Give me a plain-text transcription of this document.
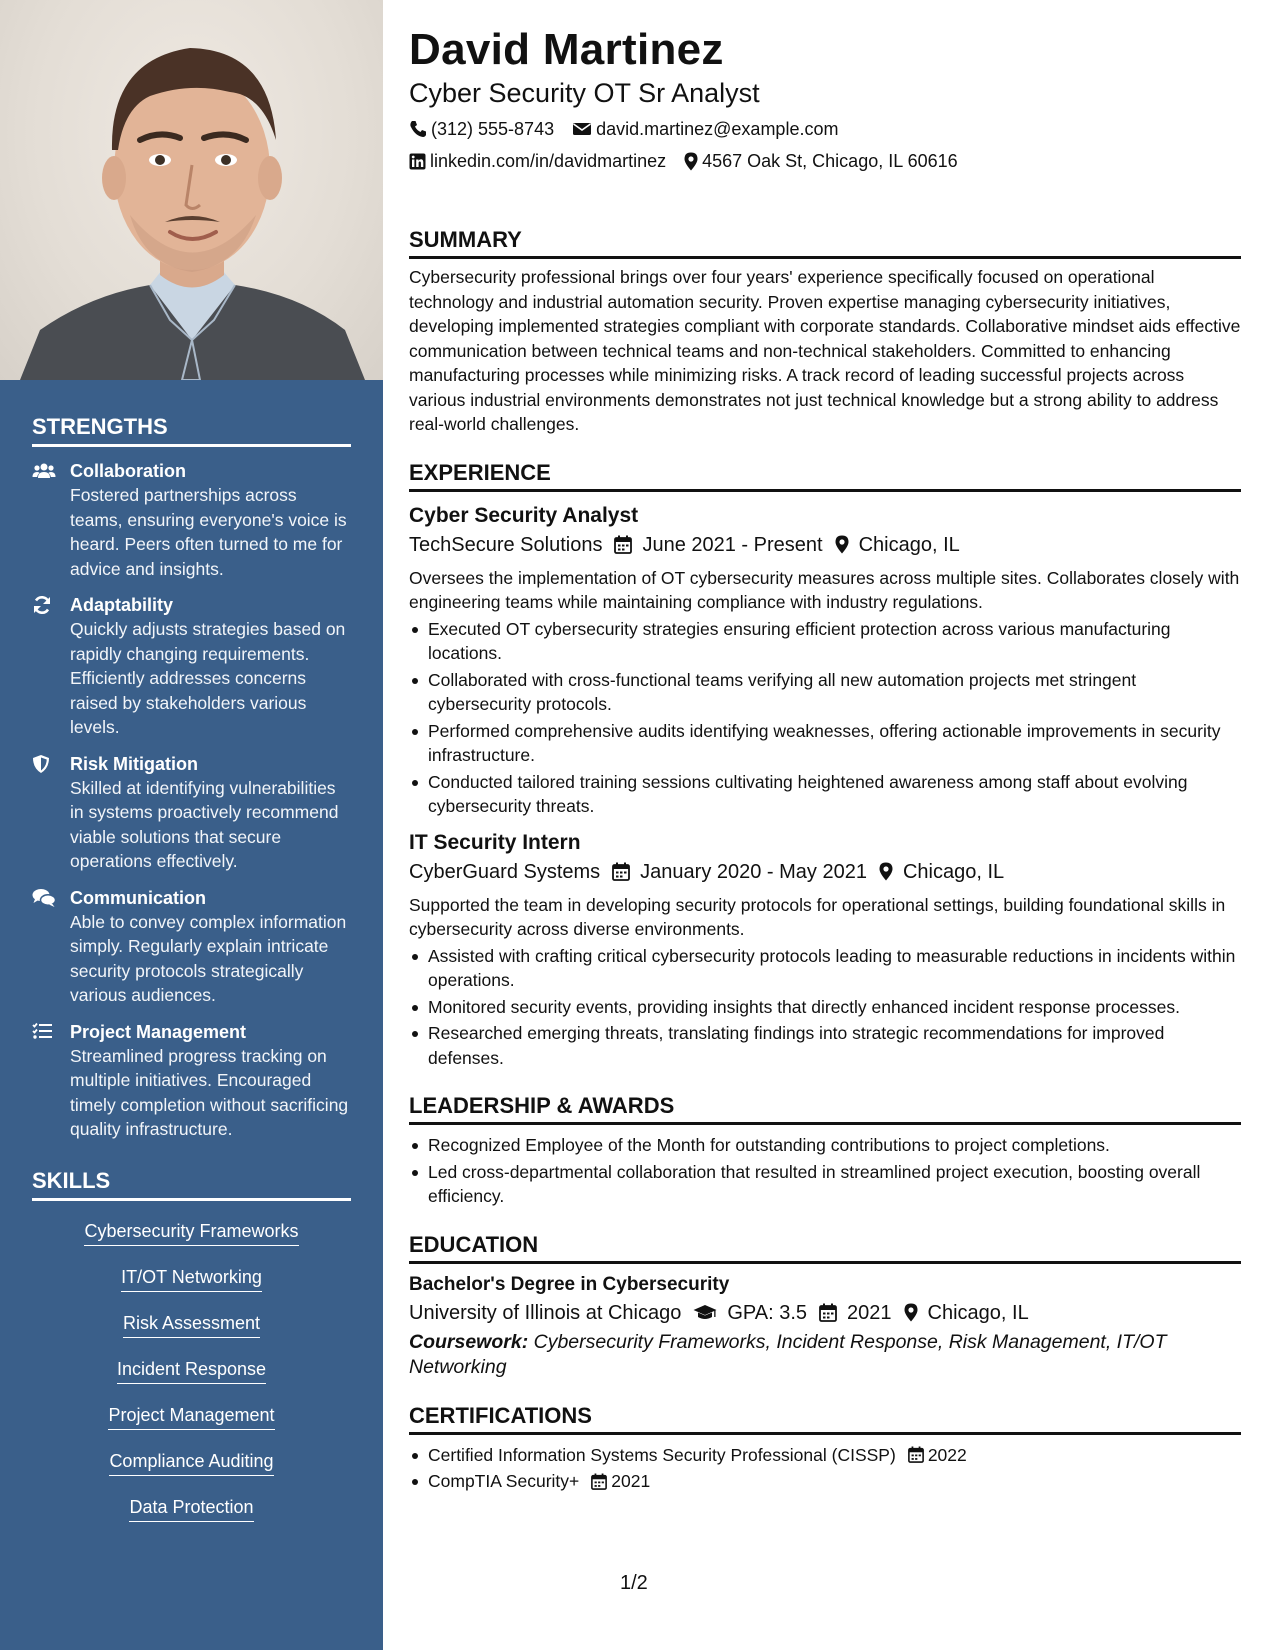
STRENGTHS
Collaboration
Fostered partnerships across teams, ensuring everyone's voice is heard. Peers often turned to me for advice and insights.
Adaptability
Quickly adjusts strategies based on rapidly changing requirements. Efficiently addresses concerns raised by stakeholders various levels.
Risk Mitigation
Skilled at identifying vulnerabilities in systems proactively recommend viable solutions that secure operations effectively.
Communication
Able to convey complex information simply. Regularly explain intricate security protocols strategically various audiences.
Project Management
Streamlined progress tracking on multiple initiatives. Encouraged timely completion without sacrificing quality infrastructure.
SKILLS
Cybersecurity Frameworks
IT/OT Networking
Risk Assessment
Incident Response
Project Management
Compliance Auditing
Data Protection
David Martinez
Cyber Security OT Sr Analyst
(312) 555-8743 david.martinez@example.com
linkedin.com/in/davidmartinez 4567 Oak St, Chicago, IL 60616
SUMMARY
Cybersecurity professional brings over four years' experience specifically focused on operational technology and industrial automation security. Proven expertise managing cybersecurity initiatives, developing implemented strategies compliant with corporate standards. Collaborative mindset aids effective communication between technical teams and non-technical stakeholders. Committed to enhancing manufacturing processes while minimizing risks. A track record of leading successful projects across various industrial environments demonstrates not just technical knowledge but a strong ability to address real-world challenges.
EXPERIENCE
Cyber Security Analyst
TechSecure Solutions June 2021 - Present Chicago, IL
Oversees the implementation of OT cybersecurity measures across multiple sites. Collaborates closely with engineering teams while maintaining compliance with industry regulations.
Executed OT cybersecurity strategies ensuring efficient protection across various manufacturing locations.
Collaborated with cross-functional teams verifying all new automation projects met stringent cybersecurity protocols.
Performed comprehensive audits identifying weaknesses, offering actionable improvements in security infrastructure.
Conducted tailored training sessions cultivating heightened awareness among staff about evolving cybersecurity threats.
IT Security Intern
CyberGuard Systems January 2020 - May 2021 Chicago, IL
Supported the team in developing security protocols for operational settings, building foundational skills in cybersecurity across diverse environments.
Assisted with crafting critical cybersecurity protocols leading to measurable reductions in incidents within operations.
Monitored security events, providing insights that directly enhanced incident response processes.
Researched emerging threats, translating findings into strategic recommendations for improved defenses.
LEADERSHIP & AWARDS
Recognized Employee of the Month for outstanding contributions to project completions.
Led cross-departmental collaboration that resulted in streamlined project execution, boosting overall efficiency.
EDUCATION
Bachelor's Degree in Cybersecurity
University of Illinois at Chicago GPA: 3.5 2021 Chicago, IL
Coursework: Cybersecurity Frameworks, Incident Response, Risk Management, IT/OT Networking
CERTIFICATIONS
Certified Information Systems Security Professional (CISSP) 2022
CompTIA Security+ 2021
1/2
